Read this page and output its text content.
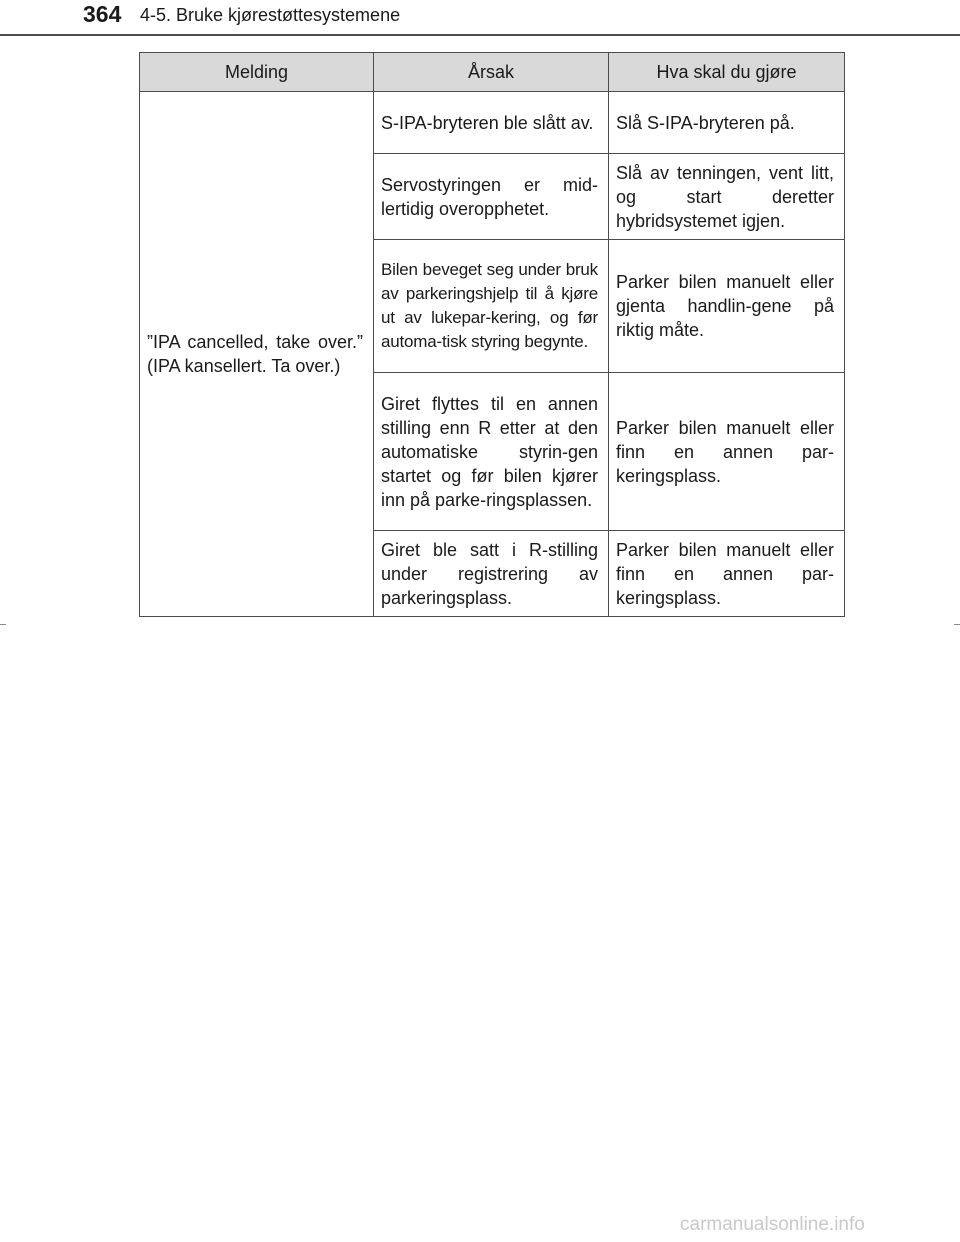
364 4-5. Bruke kjørestøttesystemene
Melding	Årsak	Hva skal du gjøre
”IPA cancelled, take over.” (IPA kansellert. Ta over.)	S-IPA-bryteren ble slått av.	Slå S-IPA-bryteren på.
	Servostyringen er mid-lertidig overopphetet.	Slå av tenningen, vent litt, og start deretter hybridsystemet igjen.
	Bilen beveget seg under bruk av parkeringshjelp til å kjøre ut av lukepar-kering, og før automa-tisk styring begynte.	Parker bilen manuelt eller gjenta handlin-gene på riktig måte.
	Giret flyttes til en annen stilling enn R etter at den automatiske styrin-gen startet og før bilen kjører inn på parke-ringsplassen.	Parker bilen manuelt eller finn en annen par-keringsplass.
	Giret ble satt i R-stilling under registrering av parkeringsplass.	Parker bilen manuelt eller finn en annen par-keringsplass.
carmanualsonline.info
